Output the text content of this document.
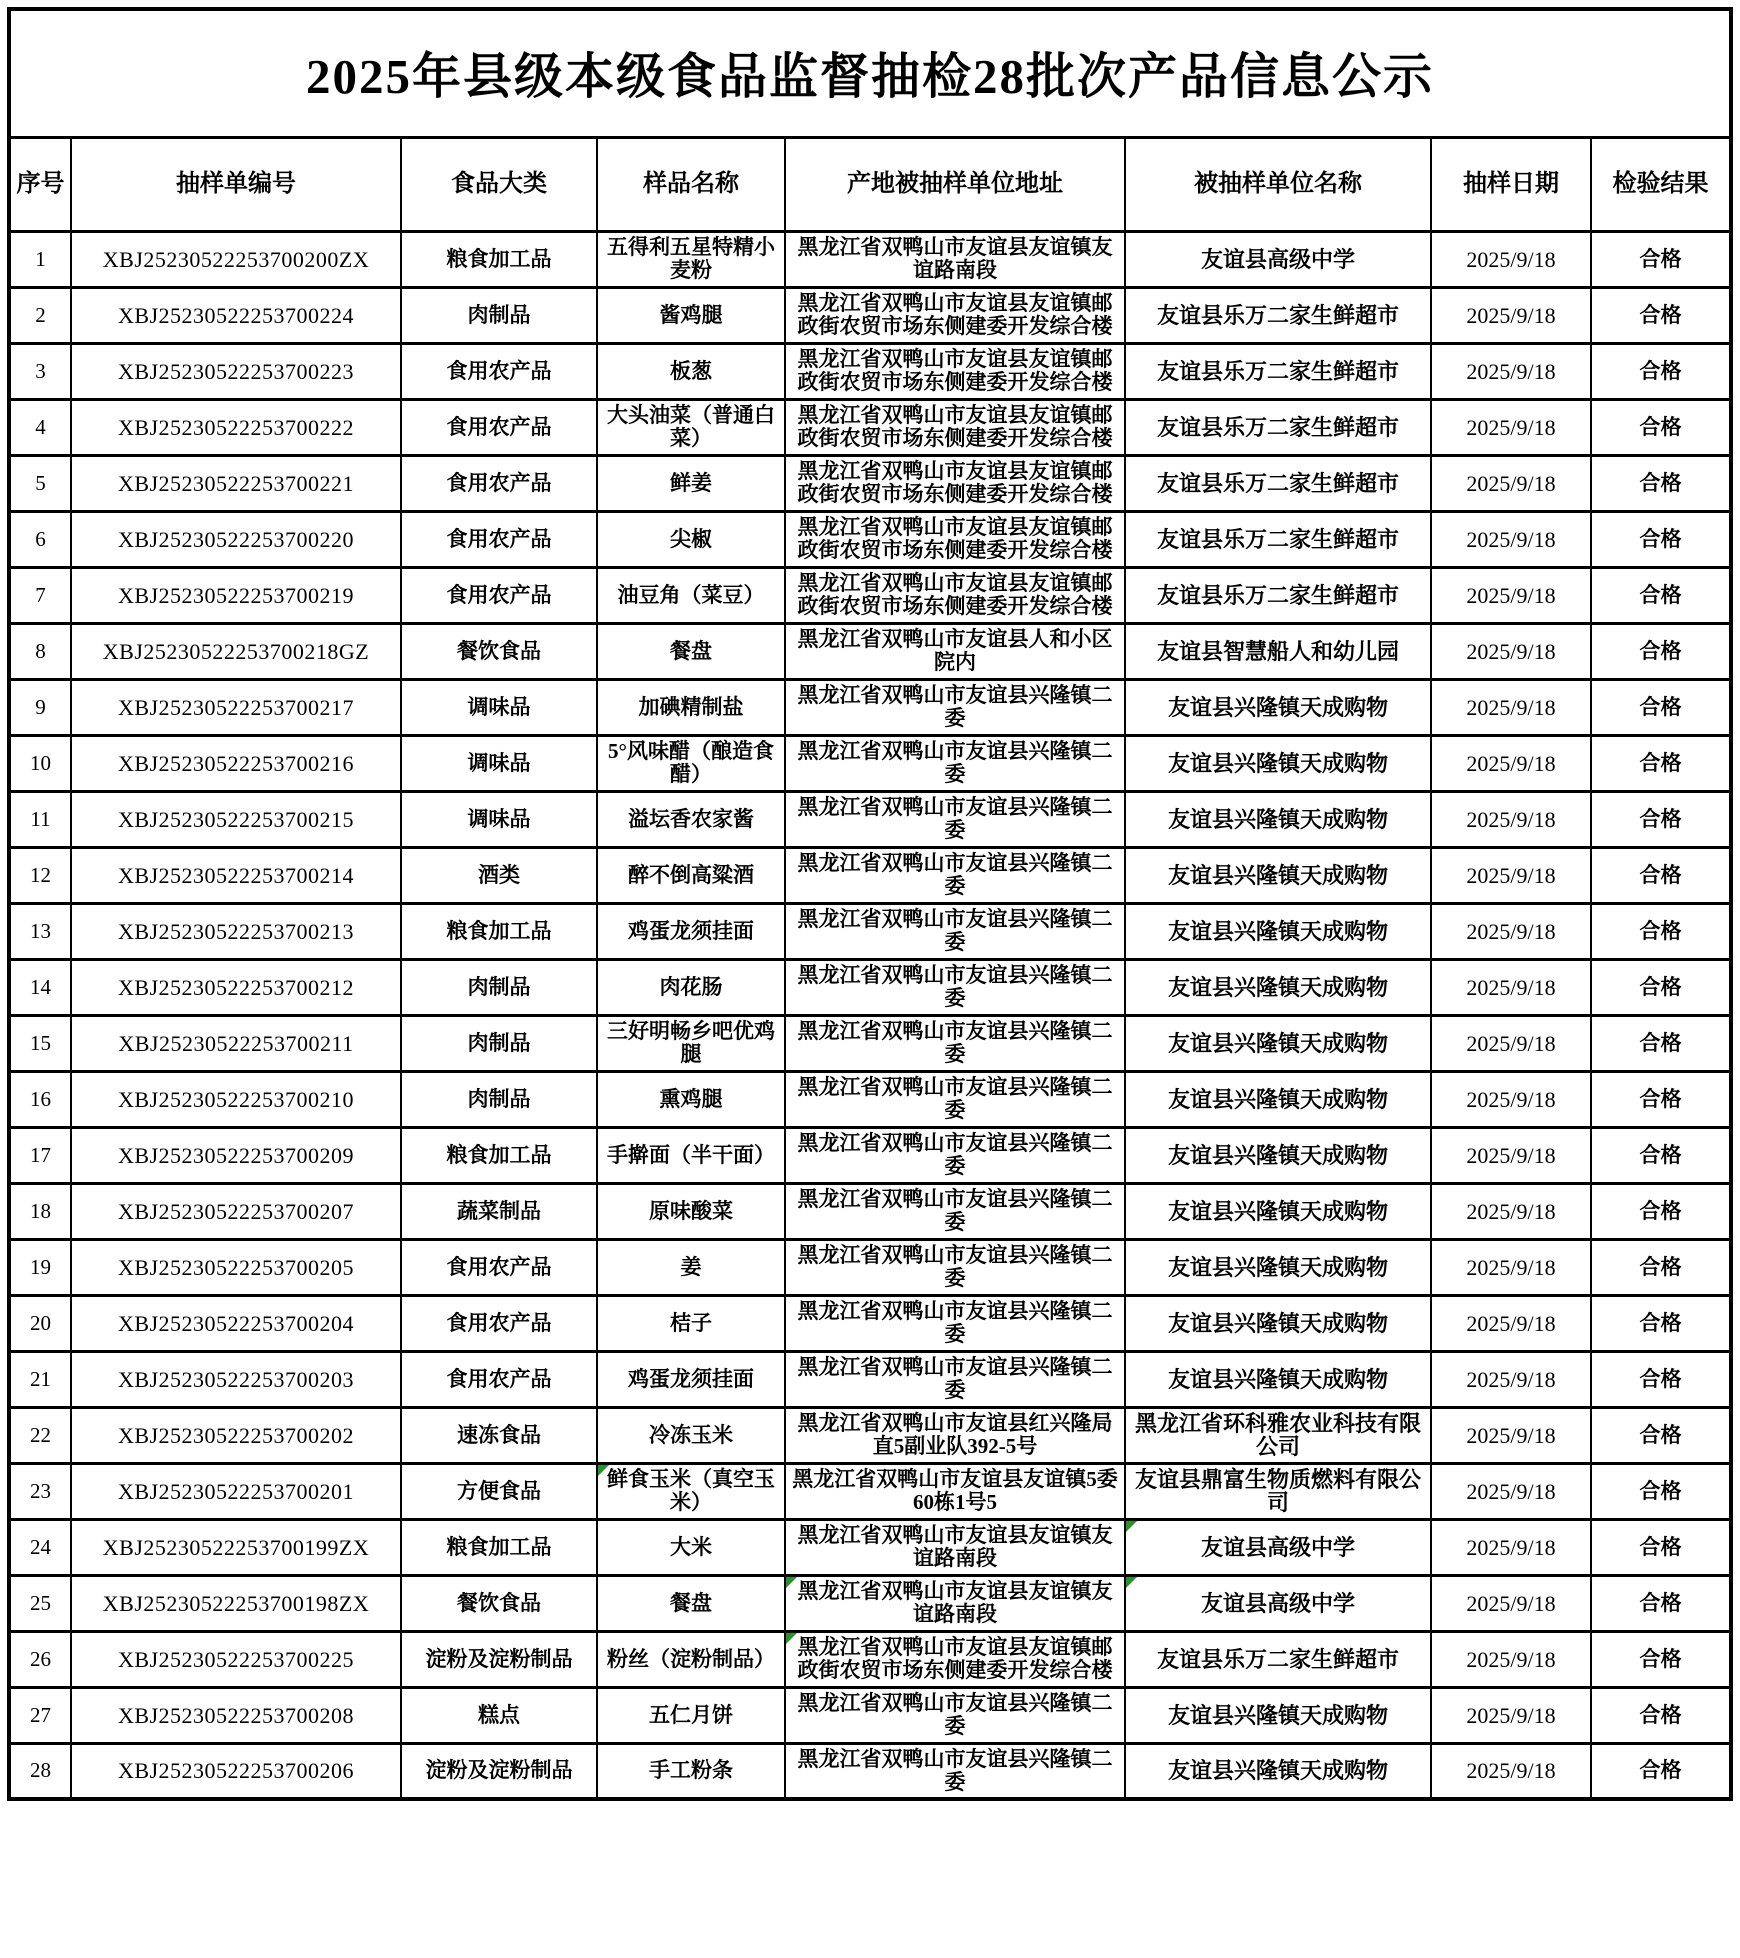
2025年县级本级食品监督抽检28批次产品信息公示							
序号	抽样单编号	食品大类	样品名称	产地被抽样单位地址	被抽样单位名称	抽样日期	检验结果
1	XBJ25230522253700200ZX	粮食加工品	五得利五星特精小麦粉	黑龙江省双鸭山市友谊县友谊镇友谊路南段	友谊县高级中学	2025/9/18	合格
2	XBJ25230522253700224	肉制品	酱鸡腿	黑龙江省双鸭山市友谊县友谊镇邮政街农贸市场东侧建委开发综合楼	友谊县乐万二家生鲜超市	2025/9/18	合格
3	XBJ25230522253700223	食用农产品	板葱	黑龙江省双鸭山市友谊县友谊镇邮政街农贸市场东侧建委开发综合楼	友谊县乐万二家生鲜超市	2025/9/18	合格
4	XBJ25230522253700222	食用农产品	大头油菜（普通白菜）	黑龙江省双鸭山市友谊县友谊镇邮政街农贸市场东侧建委开发综合楼	友谊县乐万二家生鲜超市	2025/9/18	合格
5	XBJ25230522253700221	食用农产品	鲜姜	黑龙江省双鸭山市友谊县友谊镇邮政街农贸市场东侧建委开发综合楼	友谊县乐万二家生鲜超市	2025/9/18	合格
6	XBJ25230522253700220	食用农产品	尖椒	黑龙江省双鸭山市友谊县友谊镇邮政街农贸市场东侧建委开发综合楼	友谊县乐万二家生鲜超市	2025/9/18	合格
7	XBJ25230522253700219	食用农产品	油豆角（菜豆）	黑龙江省双鸭山市友谊县友谊镇邮政街农贸市场东侧建委开发综合楼	友谊县乐万二家生鲜超市	2025/9/18	合格
8	XBJ25230522253700218GZ	餐饮食品	餐盘	黑龙江省双鸭山市友谊县人和小区院内	友谊县智慧船人和幼儿园	2025/9/18	合格
9	XBJ25230522253700217	调味品	加碘精制盐	黑龙江省双鸭山市友谊县兴隆镇二委	友谊县兴隆镇天成购物	2025/9/18	合格
10	XBJ25230522253700216	调味品	5°风味醋（酿造食醋）	黑龙江省双鸭山市友谊县兴隆镇二委	友谊县兴隆镇天成购物	2025/9/18	合格
11	XBJ25230522253700215	调味品	溢坛香农家酱	黑龙江省双鸭山市友谊县兴隆镇二委	友谊县兴隆镇天成购物	2025/9/18	合格
12	XBJ25230522253700214	酒类	醉不倒高粱酒	黑龙江省双鸭山市友谊县兴隆镇二委	友谊县兴隆镇天成购物	2025/9/18	合格
13	XBJ25230522253700213	粮食加工品	鸡蛋龙须挂面	黑龙江省双鸭山市友谊县兴隆镇二委	友谊县兴隆镇天成购物	2025/9/18	合格
14	XBJ25230522253700212	肉制品	肉花肠	黑龙江省双鸭山市友谊县兴隆镇二委	友谊县兴隆镇天成购物	2025/9/18	合格
15	XBJ25230522253700211	肉制品	三好明畅乡吧优鸡腿	黑龙江省双鸭山市友谊县兴隆镇二委	友谊县兴隆镇天成购物	2025/9/18	合格
16	XBJ25230522253700210	肉制品	熏鸡腿	黑龙江省双鸭山市友谊县兴隆镇二委	友谊县兴隆镇天成购物	2025/9/18	合格
17	XBJ25230522253700209	粮食加工品	手擀面（半干面）	黑龙江省双鸭山市友谊县兴隆镇二委	友谊县兴隆镇天成购物	2025/9/18	合格
18	XBJ25230522253700207	蔬菜制品	原味酸菜	黑龙江省双鸭山市友谊县兴隆镇二委	友谊县兴隆镇天成购物	2025/9/18	合格
19	XBJ25230522253700205	食用农产品	姜	黑龙江省双鸭山市友谊县兴隆镇二委	友谊县兴隆镇天成购物	2025/9/18	合格
20	XBJ25230522253700204	食用农产品	桔子	黑龙江省双鸭山市友谊县兴隆镇二委	友谊县兴隆镇天成购物	2025/9/18	合格
21	XBJ25230522253700203	食用农产品	鸡蛋龙须挂面	黑龙江省双鸭山市友谊县兴隆镇二委	友谊县兴隆镇天成购物	2025/9/18	合格
22	XBJ25230522253700202	速冻食品	冷冻玉米	黑龙江省双鸭山市友谊县红兴隆局直5副业队392-5号	黑龙江省环科雅农业科技有限公司	2025/9/18	合格
23	XBJ25230522253700201	方便食品	鲜食玉米（真空玉米）	黑龙江省双鸭山市友谊县友谊镇5委60栋1号5	友谊县鼎富生物质燃料有限公司	2025/9/18	合格
24	XBJ25230522253700199ZX	粮食加工品	大米	黑龙江省双鸭山市友谊县友谊镇友谊路南段	友谊县高级中学	2025/9/18	合格
25	XBJ25230522253700198ZX	餐饮食品	餐盘	黑龙江省双鸭山市友谊县友谊镇友谊路南段	友谊县高级中学	2025/9/18	合格
26	XBJ25230522253700225	淀粉及淀粉制品	粉丝（淀粉制品）	黑龙江省双鸭山市友谊县友谊镇邮政街农贸市场东侧建委开发综合楼	友谊县乐万二家生鲜超市	2025/9/18	合格
27	XBJ25230522253700208	糕点	五仁月饼	黑龙江省双鸭山市友谊县兴隆镇二委	友谊县兴隆镇天成购物	2025/9/18	合格
28	XBJ25230522253700206	淀粉及淀粉制品	手工粉条	黑龙江省双鸭山市友谊县兴隆镇二委	友谊县兴隆镇天成购物	2025/9/18	合格
